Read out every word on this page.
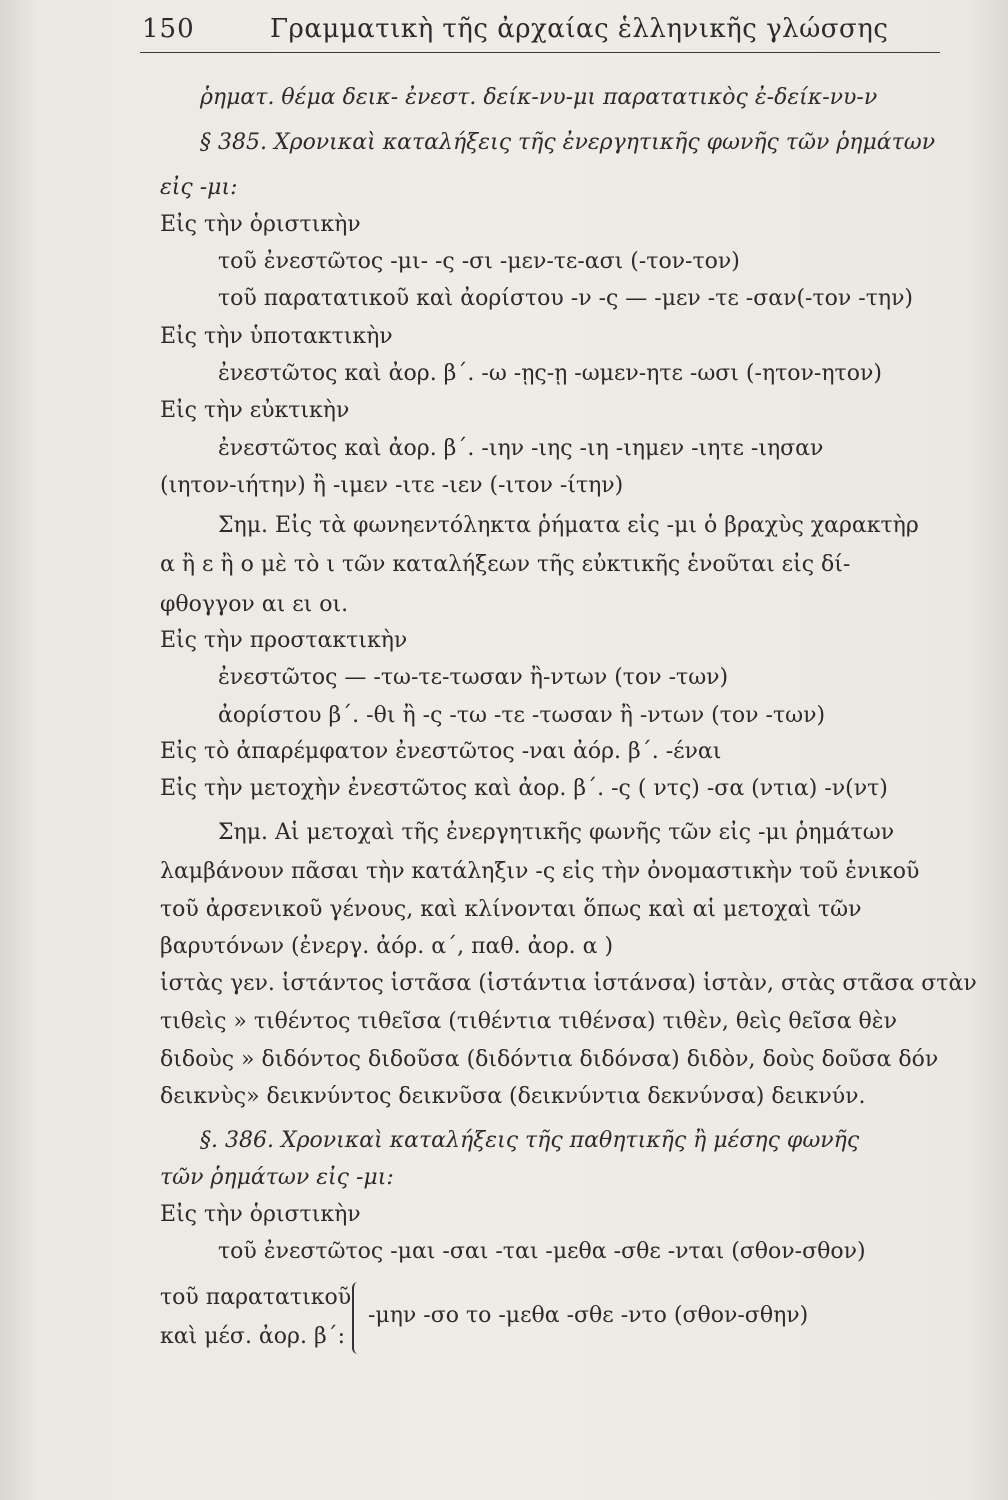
150	Γραμματικὴ τῆς ἀρχαίας ἑλληνικῆς γλώσσης
ῥηματ. θέμα δεικ- ἐνεστ. δείκ-νυ-μι παρατατικὸς ἐ-δείκ-νυ-ν
§ 385. Χρονικαὶ καταλήξεις τῆς ἐνεργητικῆς φωνῆς τῶν ῥημάτων
εἰς -μι:
Εἰς τὴν ὁριστικὴν
τοῦ ἐνεστῶτος -μι- -ς -σι -μεν-τε-ασι (-τον-τον)
τοῦ παρατατικοῦ καὶ ἀορίστου -ν -ς — -μεν -τε -σαν(-τον -την)
Εἰς τὴν ὑποτακτικὴν
ἐνεστῶτος καὶ ἀορ. β΄. -ω -ῃς-ῃ -ωμεν-ητε -ωσι (-ητον-ητον)
Εἰς τὴν εὐκτικὴν
ἐνεστῶτος καὶ ἀορ. β΄. -ιην -ιης -ιη -ιημεν -ιητε -ιησαν
(ιητον-ιήτην) ἢ -ιμεν -ιτε -ιεν (-ιτον -ίτην)
Σημ. Εἰς τὰ φωνηεντόληκτα ῥήματα εἰς -μι ὁ βραχὺς χαρακτὴρ
α ἢ ε ἢ ο μὲ τὸ ι τῶν καταλήξεων τῆς εὐκτικῆς ἑνοῦται εἰς δί-
φθογγον αι ει οι.
Εἰς τὴν προστακτικὴν
ἐνεστῶτος — -τω-τε-τωσαν ἢ-ντων (τον -των)
ἀορίστου β΄. -θι ἢ -ς -τω -τε -τωσαν ἢ -ντων (τον -των)
Εἰς τὸ ἀπαρέμφατον ἐνεστῶτος -ναι ἀόρ. β΄. -έναι
Εἰς τὴν μετοχὴν ἐνεστῶτος καὶ ἀορ. β΄. -ς ( ντς) -σα (ντια) -ν(ντ)
Σημ. Αἱ μετοχαὶ τῆς ἐνεργητικῆς φωνῆς τῶν εἰς -μι ῥημάτων
λαμβάνουν πᾶσαι τὴν κατάληξιν -ς εἰς τὴν ὀνομαστικὴν τοῦ ἑνικοῦ
τοῦ ἀρσενικοῦ γένους, καὶ κλίνονται ὅπως καὶ αἱ μετοχαὶ τῶν
βαρυτόνων (ἐνεργ. ἀόρ. α΄, παθ. ἀορ. α )
ἱστὰς γεν. ἱστάντος ἱστᾶσα (ἱστάντια ἱστάνσα) ἱστὰν, στὰς στᾶσα στὰν
τιθεὶς » τιθέντος τιθεῖσα (τιθέντια τιθένσα) τιθὲν, θεὶς θεῖσα θὲν
διδοὺς » διδόντος διδοῦσα (διδόντια διδόνσα) διδὸν, δοὺς δοῦσα δόν
δεικνὺς» δεικνύντος δεικνῦσα (δεικνύντια δεκνύνσα) δεικνύν.
§. 386. Χρονικαὶ καταλήξεις τῆς παθητικῆς ἢ μέσης φωνῆς
τῶν ῥημάτων εἰς -μι:
Εἰς τὴν ὁριστικὴν
τοῦ ἐνεστῶτος -μαι -σαι -ται -μεθα -σθε -νται (σθον-σθον)
τοῦ παρατατικοῦ
-μην -σο το -μεθα -σθε -ντο (σθον-σθην)
καὶ μέσ. ἀορ. β΄:
